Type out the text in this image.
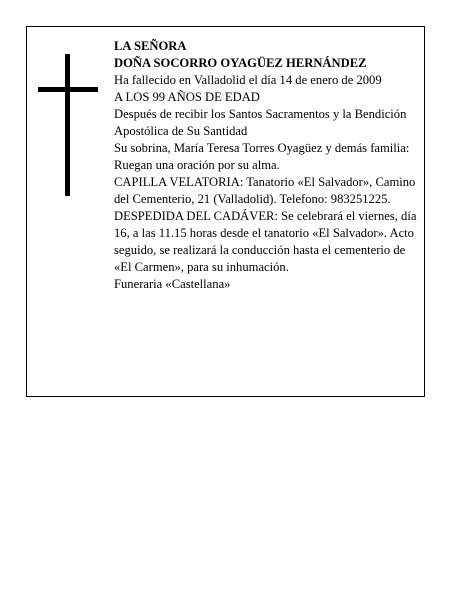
LA SEÑORA
DOÑA SOCORRO OYAGÜEZ HERNÁNDEZ
Ha fallecido en Valladolid el día 14 de enero de 2009
A LOS 99 AÑOS DE EDAD
Después de recibir los Santos Sacramentos y la Bendición Apostólica de Su Santidad
Su sobrina, María Teresa Torres Oyagüez y demás familia:
Ruegan una oración por su alma.
CAPILLA VELATORIA: Tanatorio «El Salvador», Camino del Cementerio, 21 (Valladolid). Telefono: 983251225.
DESPEDIDA DEL CADÁVER: Se celebrará el viernes, día 16, a las 11.15 horas desde el tanatorio «El Salvador». Acto seguido, se realizará la conducción hasta el cementerio de «El Carmen», para su inhumación.
Funeraria «Castellana»
